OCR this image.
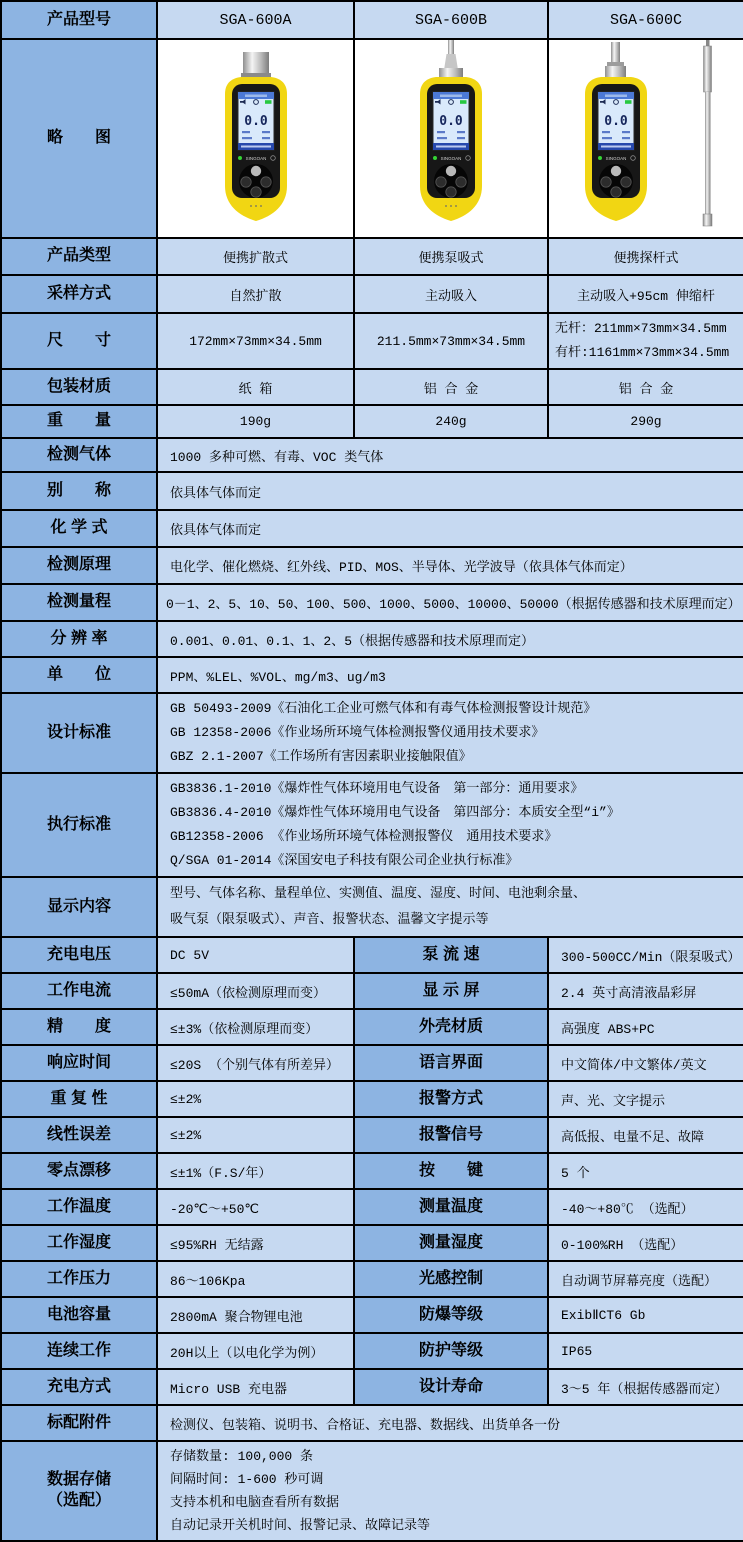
产品型号	SGA-600A	SGA-600B	SGA-600C
略　　图	0.0
SINGOAN	0.0
SINGOAN	0.0
SINGOAN

产品类型	便携扩散式	便携泵吸式	便携探杆式
采样方式	自然扩散	主动吸入	主动吸入+95cm 伸缩杆
尺　　寸	172mm×73mm×34.5mm	211.5mm×73mm×34.5mm	无杆：211mm×73mm×34.5mm
有杆:1161mm×73mm×34.5mm

包装材质	纸 箱	铝 合 金	铝 合 金
重　　量	190g	240g	290g
检测气体	1000 多种可燃、有毒、VOC 类气体		
别　　称	依具体气体而定		
化 学 式	依具体气体而定		
检测原理	电化学、催化燃烧、红外线、PID、MOS、半导体、光学波导（依具体气体而定）		
检测量程	0－1、2、5、10、50、100、500、1000、5000、10000、50000（根据传感器和技术原理而定）		
分 辨 率	0.001、0.01、0.1、1、2、5（根据传感器和技术原理而定）		
单　　位	PPM、%LEL、%VOL、mg/m3、ug/m3		
设计标准	GB 50493-2009《石油化工企业可燃气体和有毒气体检测报警设计规范》
GB 12358-2006《作业场所环境气体检测报警仪通用技术要求》
GBZ 2.1-2007《工作场所有害因素职业接触限值》		

执行标准	GB3836.1-2010《爆炸性气体环境用电气设备　第一部分：通用要求》
GB3836.4-2010《爆炸性气体环境用电气设备　第四部分：本质安全型“i”》
GB12358-2006 《作业场所环境气体检测报警仪　通用技术要求》
Q/SGA 01-2014《深国安电子科技有限公司企业执行标准》		

显示内容	型号、气体名称、量程单位、实测值、温度、湿度、时间、电池剩余量、
吸气泵（限泵吸式）、声音、报警状态、温馨文字提示等		

充电电压	DC 5V	泵 流 速	300-500CC/Min（限泵吸式）
工作电流	≤50mA（依检测原理而变）	显 示 屏	2.4 英寸高清液晶彩屏
精　　度	≤±3%（依检测原理而变）	外壳材质	高强度 ABS+PC
响应时间	≤20S （个别气体有所差异）	语言界面	中文简体/中文繁体/英文
重 复 性	≤±2%	报警方式	声、光、文字提示
线性误差	≤±2%	报警信号	高低报、电量不足、故障
零点漂移	≤±1%（F.S/年）	按　　键	5 个
工作温度	-20℃～+50℃	测量温度	-40～+80℃ （选配）
工作湿度	≤95%RH 无结露	测量湿度	0-100%RH （选配）
工作压力	86～106Kpa	光感控制	自动调节屏幕亮度（选配）
电池容量	2800mA 聚合物锂电池	防爆等级	ExibⅡCT6 Gb
连续工作	20H以上（以电化学为例）	防护等级	IP65
充电方式	Micro USB 充电器	设计寿命	3～5 年（根据传感器而定）
标配附件	检测仪、包装箱、说明书、合格证、充电器、数据线、出货单各一份		

数据存储
（选配）

存储数量: 100,000 条
间隔时间: 1-600 秒可调
支持本机和电脑查看所有数据
自动记录开关机时间、报警记录、故障记录等
